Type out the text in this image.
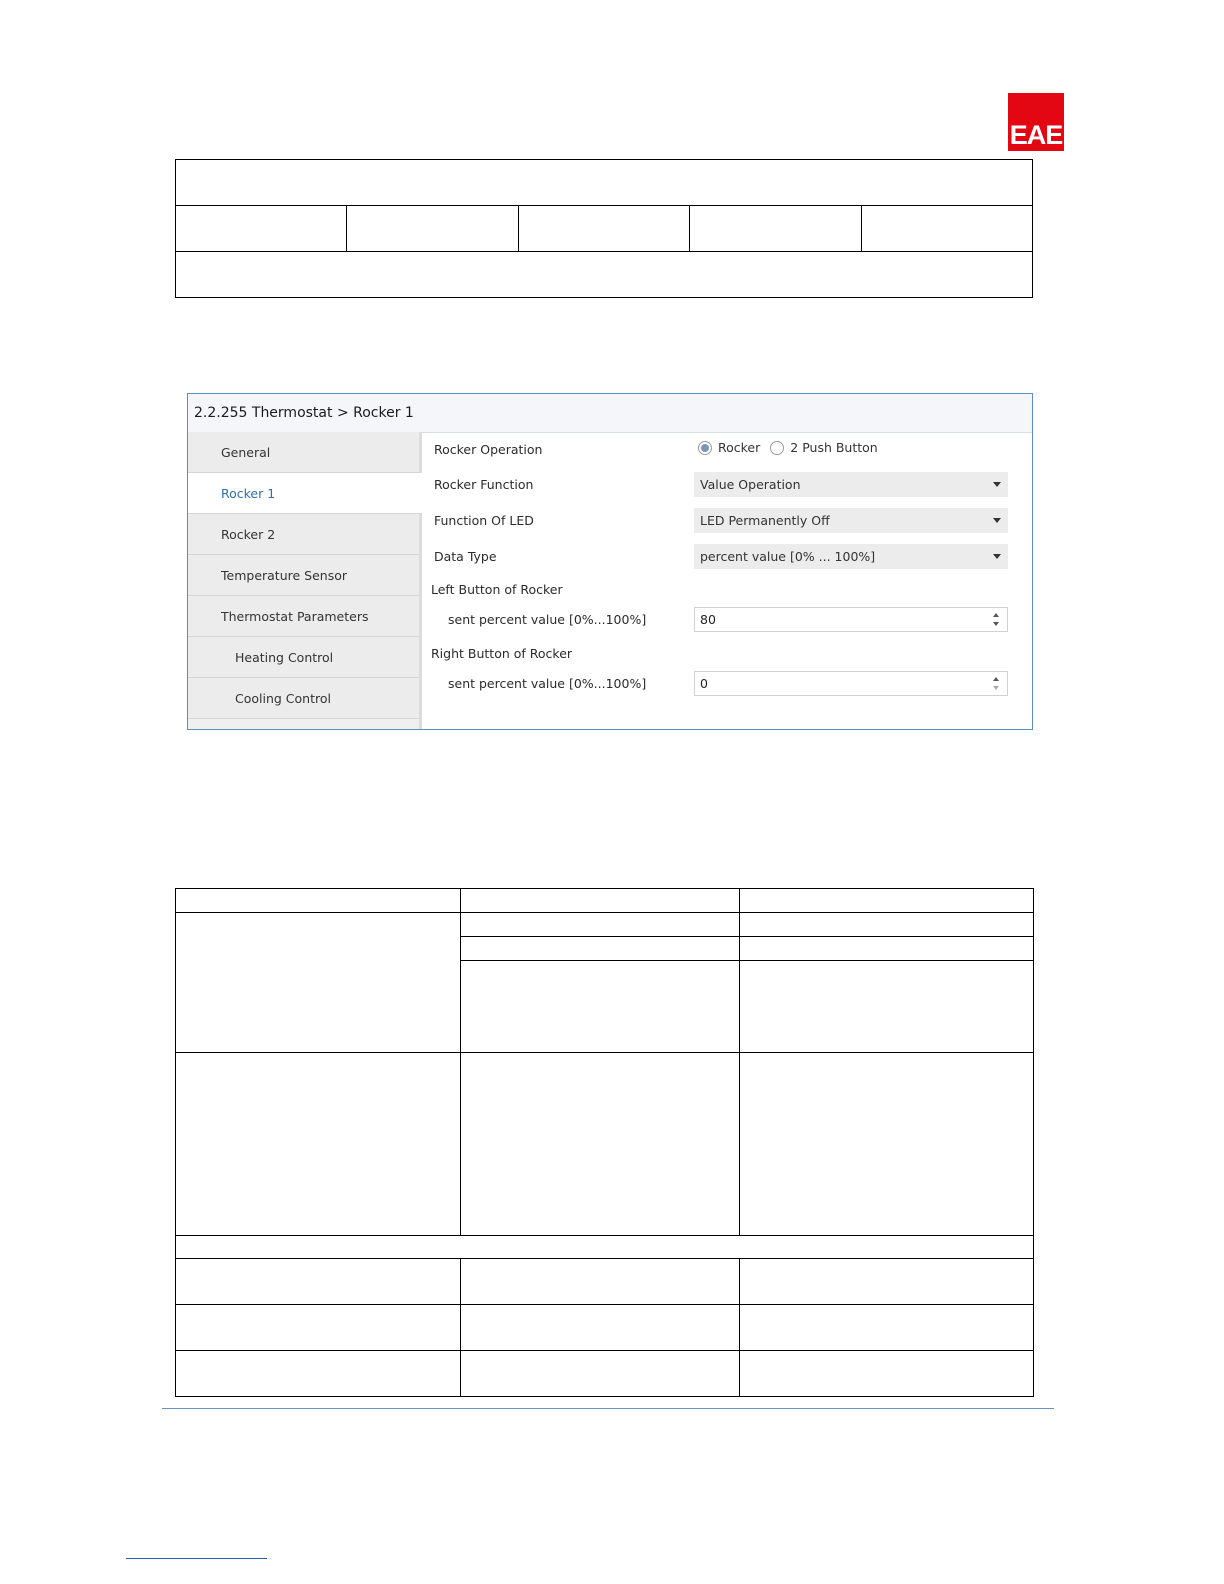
EAE

2.2.255 Thermostat > Rocker 1
General
Rocker 1
Rocker 2
Temperature Sensor
Thermostat Parameters
Heating Control
Cooling Control
Rocker Operation	Rocker 2 Push Button
Rocker Function	Value Operation
Function Of LED	LED Permanently Off
Data Type	percent value [0% ... 100%]
Left Button of Rocker
sent percent value [0%...100%]	80
Right Button of Rocker
sent percent value [0%...100%]	0
